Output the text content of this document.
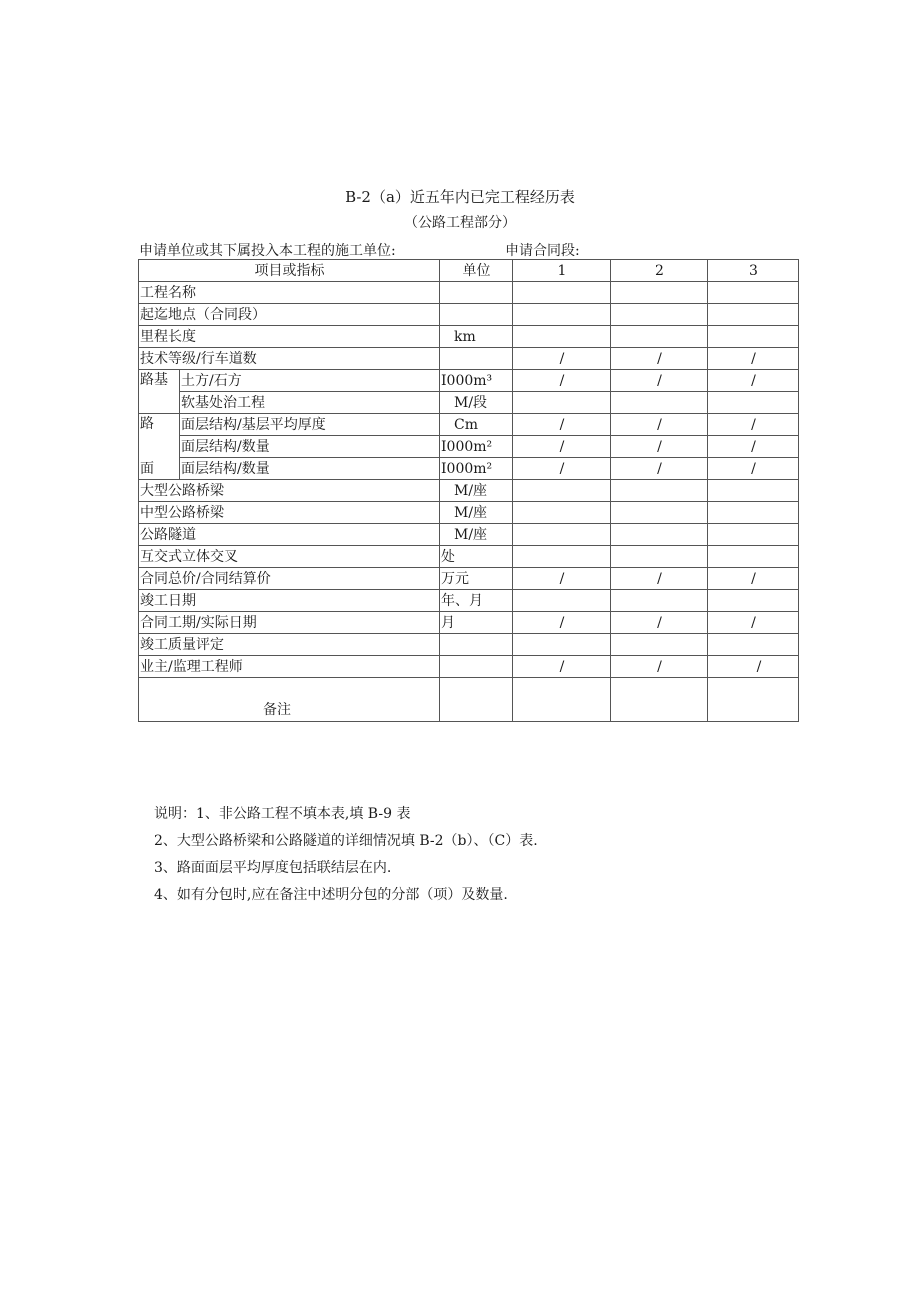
B-2（a）近五年内已完工程经历表
（公路工程部分）
申请单位或其下属投入本工程的施工单位:	申请合同段:
项目或指标		单位	1	2	3
工程名称					
起迄地点（合同段）					
里程长度		km			
技术等级/行车道数			/	/	/
路基	土方/石方	I000m³	/	/	/
	软基处治工程	M/段			
路	面层结构/基层平均厚度	Cm	/	/	/
	面层结构/数量	I000m²	/	/	/
面	面层结构/数量	I000m²	/	/	/
大型公路桥梁		M/座			
中型公路桥梁		M/座			
公路隧道		M/座			
互交式立体交叉		处			
合同总价/合同结算价		万元	/	/	/
竣工日期		年、月			
合同工期/实际日期		月	/	/	/
竣工质量评定					
业主/监理工程师			/	/	/
备注					
说明：1、非公路工程不填本表,填 B-9 表
2、大型公路桥梁和公路隧道的详细情况填 B-2（b）、（C）表.
3、路面面层平均厚度包括联结层在内.
4、如有分包时,应在备注中述明分包的分部（项）及数量.
